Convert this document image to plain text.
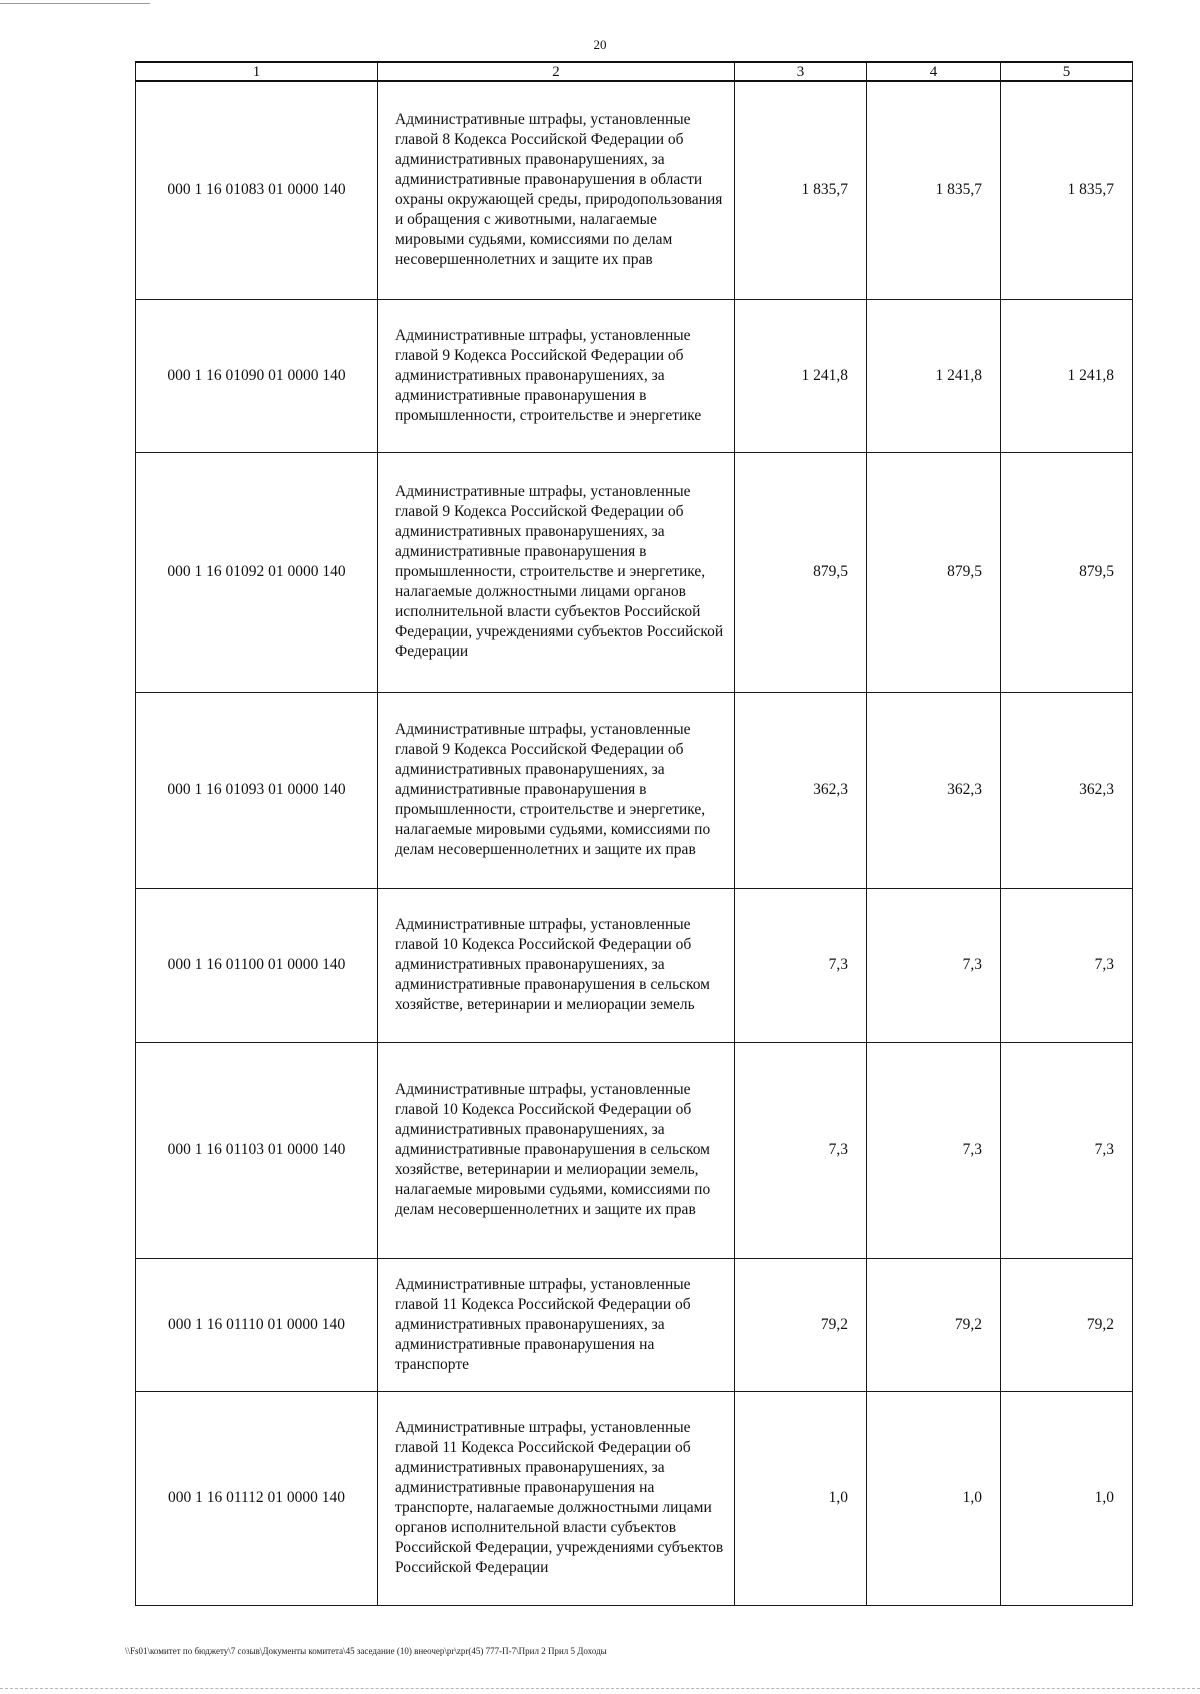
20
1	2	3	4	5
000 1 16 01083 01 0000 140	Административные штрафы, установленные главой 8 Кодекса Российской Федерации об административных правонарушениях, за административные правонарушения в области охраны окружающей среды, природопользования и обращения с животными, налагаемые мировыми судьями, комиссиями по делам несовершеннолетних и защите их прав	1 835,7	1 835,7	1 835,7
000 1 16 01090 01 0000 140	Административные штрафы, установленные главой 9 Кодекса Российской Федерации об административных правонарушениях, за административные правонарушения в промышленности, строительстве и энергетике	1 241,8	1 241,8	1 241,8
000 1 16 01092 01 0000 140	Административные штрафы, установленные главой 9 Кодекса Российской Федерации об административных правонарушениях, за административные правонарушения в промышленности, строительстве и энергетике, налагаемые должностными лицами органов исполнительной власти субъектов Российской Федерации, учреждениями субъектов Российской Федерации	879,5	879,5	879,5
000 1 16 01093 01 0000 140	Административные штрафы, установленные главой 9 Кодекса Российской Федерации об административных правонарушениях, за административные правонарушения в промышленности, строительстве и энергетике, налагаемые мировыми судьями, комиссиями по делам несовершеннолетних и защите их прав	362,3	362,3	362,3
000 1 16 01100 01 0000 140	Административные штрафы, установленные главой 10 Кодекса Российской Федерации об административных правонарушениях, за административные правонарушения в сельском хозяйстве, ветеринарии и мелиорации земель	7,3	7,3	7,3
000 1 16 01103 01 0000 140	Административные штрафы, установленные главой 10 Кодекса Российской Федерации об административных правонарушениях, за административные правонарушения в сельском хозяйстве, ветеринарии и мелиорации земель, налагаемые мировыми судьями, комиссиями по делам несовершеннолетних и защите их прав	7,3	7,3	7,3
000 1 16 01110 01 0000 140	Административные штрафы, установленные главой 11 Кодекса Российской Федерации об административных правонарушениях, за административные правонарушения на транспорте	79,2	79,2	79,2
000 1 16 01112 01 0000 140	Административные штрафы, установленные главой 11 Кодекса Российской Федерации об административных правонарушениях, за административные правонарушения на транспорте, налагаемые должностными лицами органов исполнительной власти субъектов Российской Федерации, учреждениями субъектов Российской Федерации	1,0	1,0	1,0
\\Fs01\комитет по бюджету\7 созыв\Документы комитета\45 заседание (10) внеочер\pr\zpr(45) 777-П-7\Прил 2 Прил 5 Доходы
